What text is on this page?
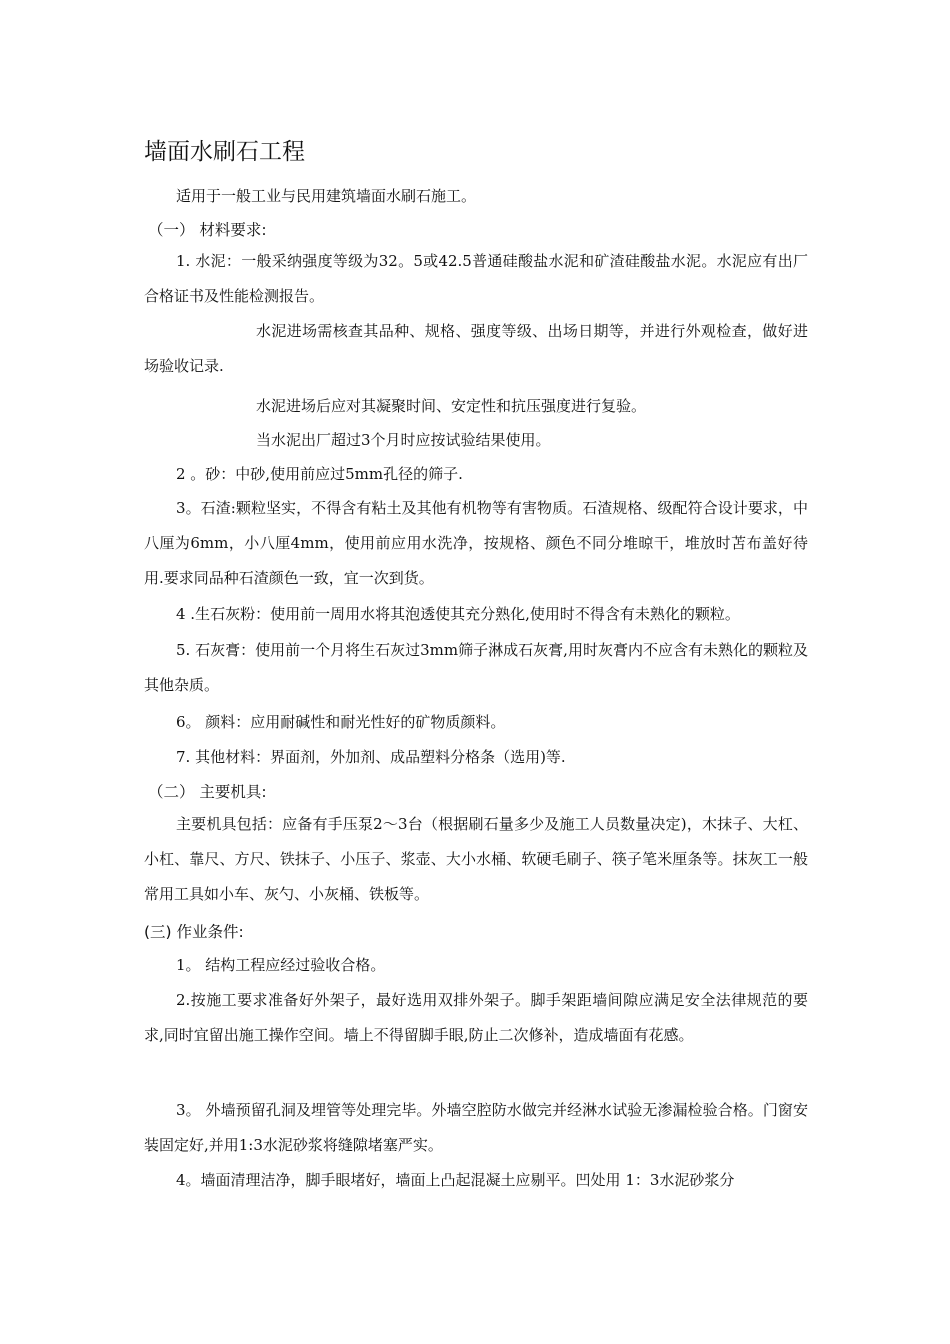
墙面水刷石工程
适用于一般工业与民用建筑墙面水刷石施工。
（一） 材料要求:

1. 水泥：一般采纳强度等级为32。5或42.5普通硅酸盐水泥和矿渣硅酸盐水泥。水泥应有出厂合格证书及性能检测报告。

水泥进场需核查其品种、规格、强度等级、出场日期等，并进行外观检查，做好进场验收记录.

水泥进场后应对其凝聚时间、安定性和抗压强度进行复验。
当水泥出厂超过3个月时应按试验结果使用。
2 。砂：中砂,使用前应过5mm孔径的筛子.

3。石渣:颗粒坚实，不得含有粘土及其他有机物等有害物质。石渣规格、级配符合设计要求，中八厘为6mm，小八厘4mm，使用前应用水洗净，按规格、颜色不同分堆晾干，堆放时苫布盖好待用.要求同品种石渣颜色一致，宜一次到货。

4 .生石灰粉：使用前一周用水将其泡透使其充分熟化,使用时不得含有未熟化的颗粒。

5. 石灰膏：使用前一个月将生石灰过3mm筛子淋成石灰膏,用时灰膏内不应含有未熟化的颗粒及其他杂质。

6。 颜料：应用耐碱性和耐光性好的矿物质颜料。
7. 其他材料：界面剂，外加剂、成品塑料分格条（选用)等.
（二） 主要机具:

主要机具包括：应备有手压泵2～3台（根据刷石量多少及施工人员数量决定)，木抹子、大杠、小杠、靠尺、方尺、铁抹子、小压子、浆壶、大小水桶、软硬毛刷子、筷子笔米厘条等。抹灰工一般常用工具如小车、灰勺、小灰桶、铁板等。

(三) 作业条件:
1。 结构工程应经过验收合格。

2.按施工要求准备好外架子，最好选用双排外架子。脚手架距墙间隙应满足安全法律规范的要求,同时宜留出施工操作空间。墙上不得留脚手眼,防止二次修补，造成墙面有花感。

3。 外墙预留孔洞及埋管等处理完毕。外墙空腔防水做完并经淋水试验无渗漏检验合格。门窗安装固定好,并用1:3水泥砂浆将缝隙堵塞严实。

4。墙面清理洁净，脚手眼堵好，墙面上凸起混凝土应剔平。凹处用 1：3水泥砂浆分
